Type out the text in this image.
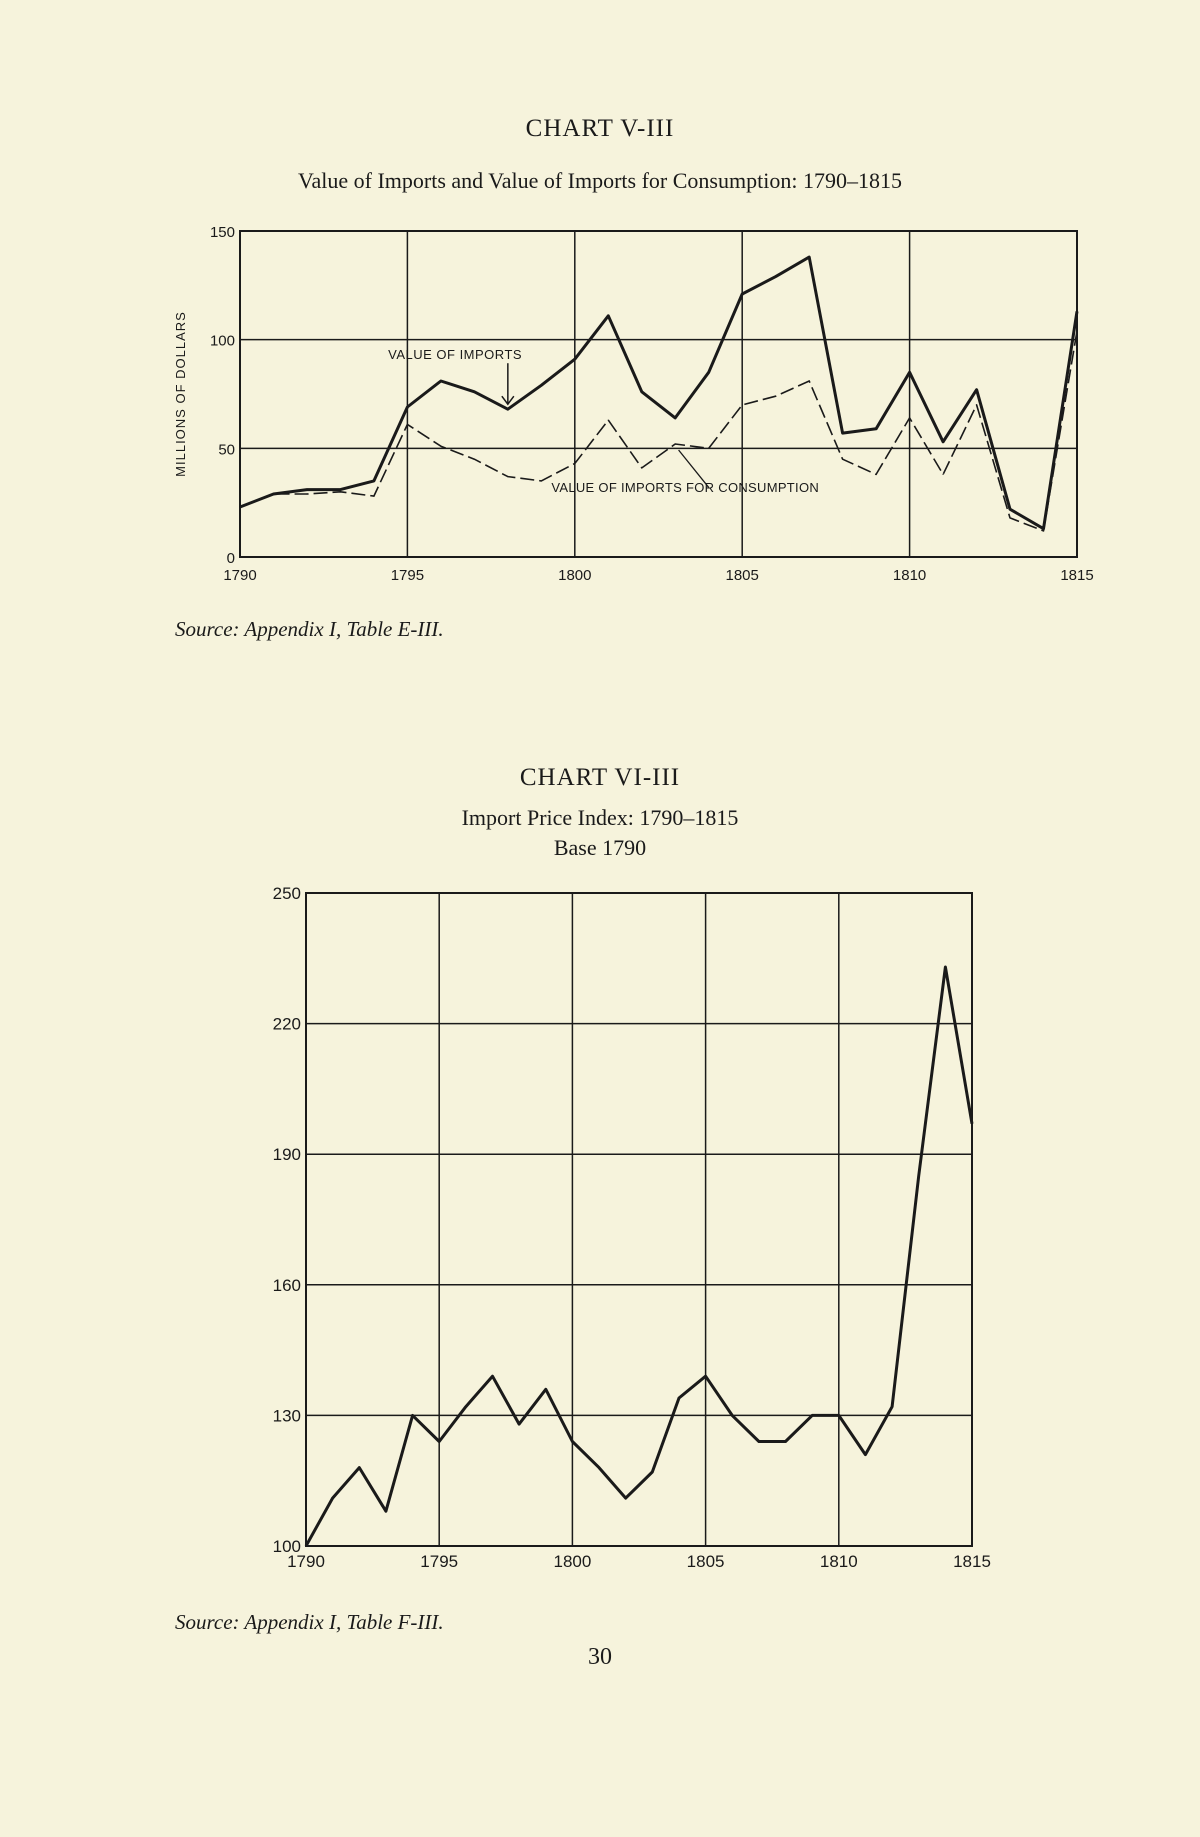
CHART V-III
Value of Imports and Value of Imports for Consumption: 1790–1815
1790	1795	1800	1805	1810	1815
0
50
100
150
MILLIONS OF DOLLARS	VALUE OF IMPORTS
VALUE OF IMPORTS FOR CONSUMPTION
Source: Appendix I, Table E-III.
CHART VI-III
Import Price Index: 1790–1815
Base 1790
1790	1795	1800	1805	1810	1815
100
130
160
190
220
250
Source: Appendix I, Table F-III.
30
